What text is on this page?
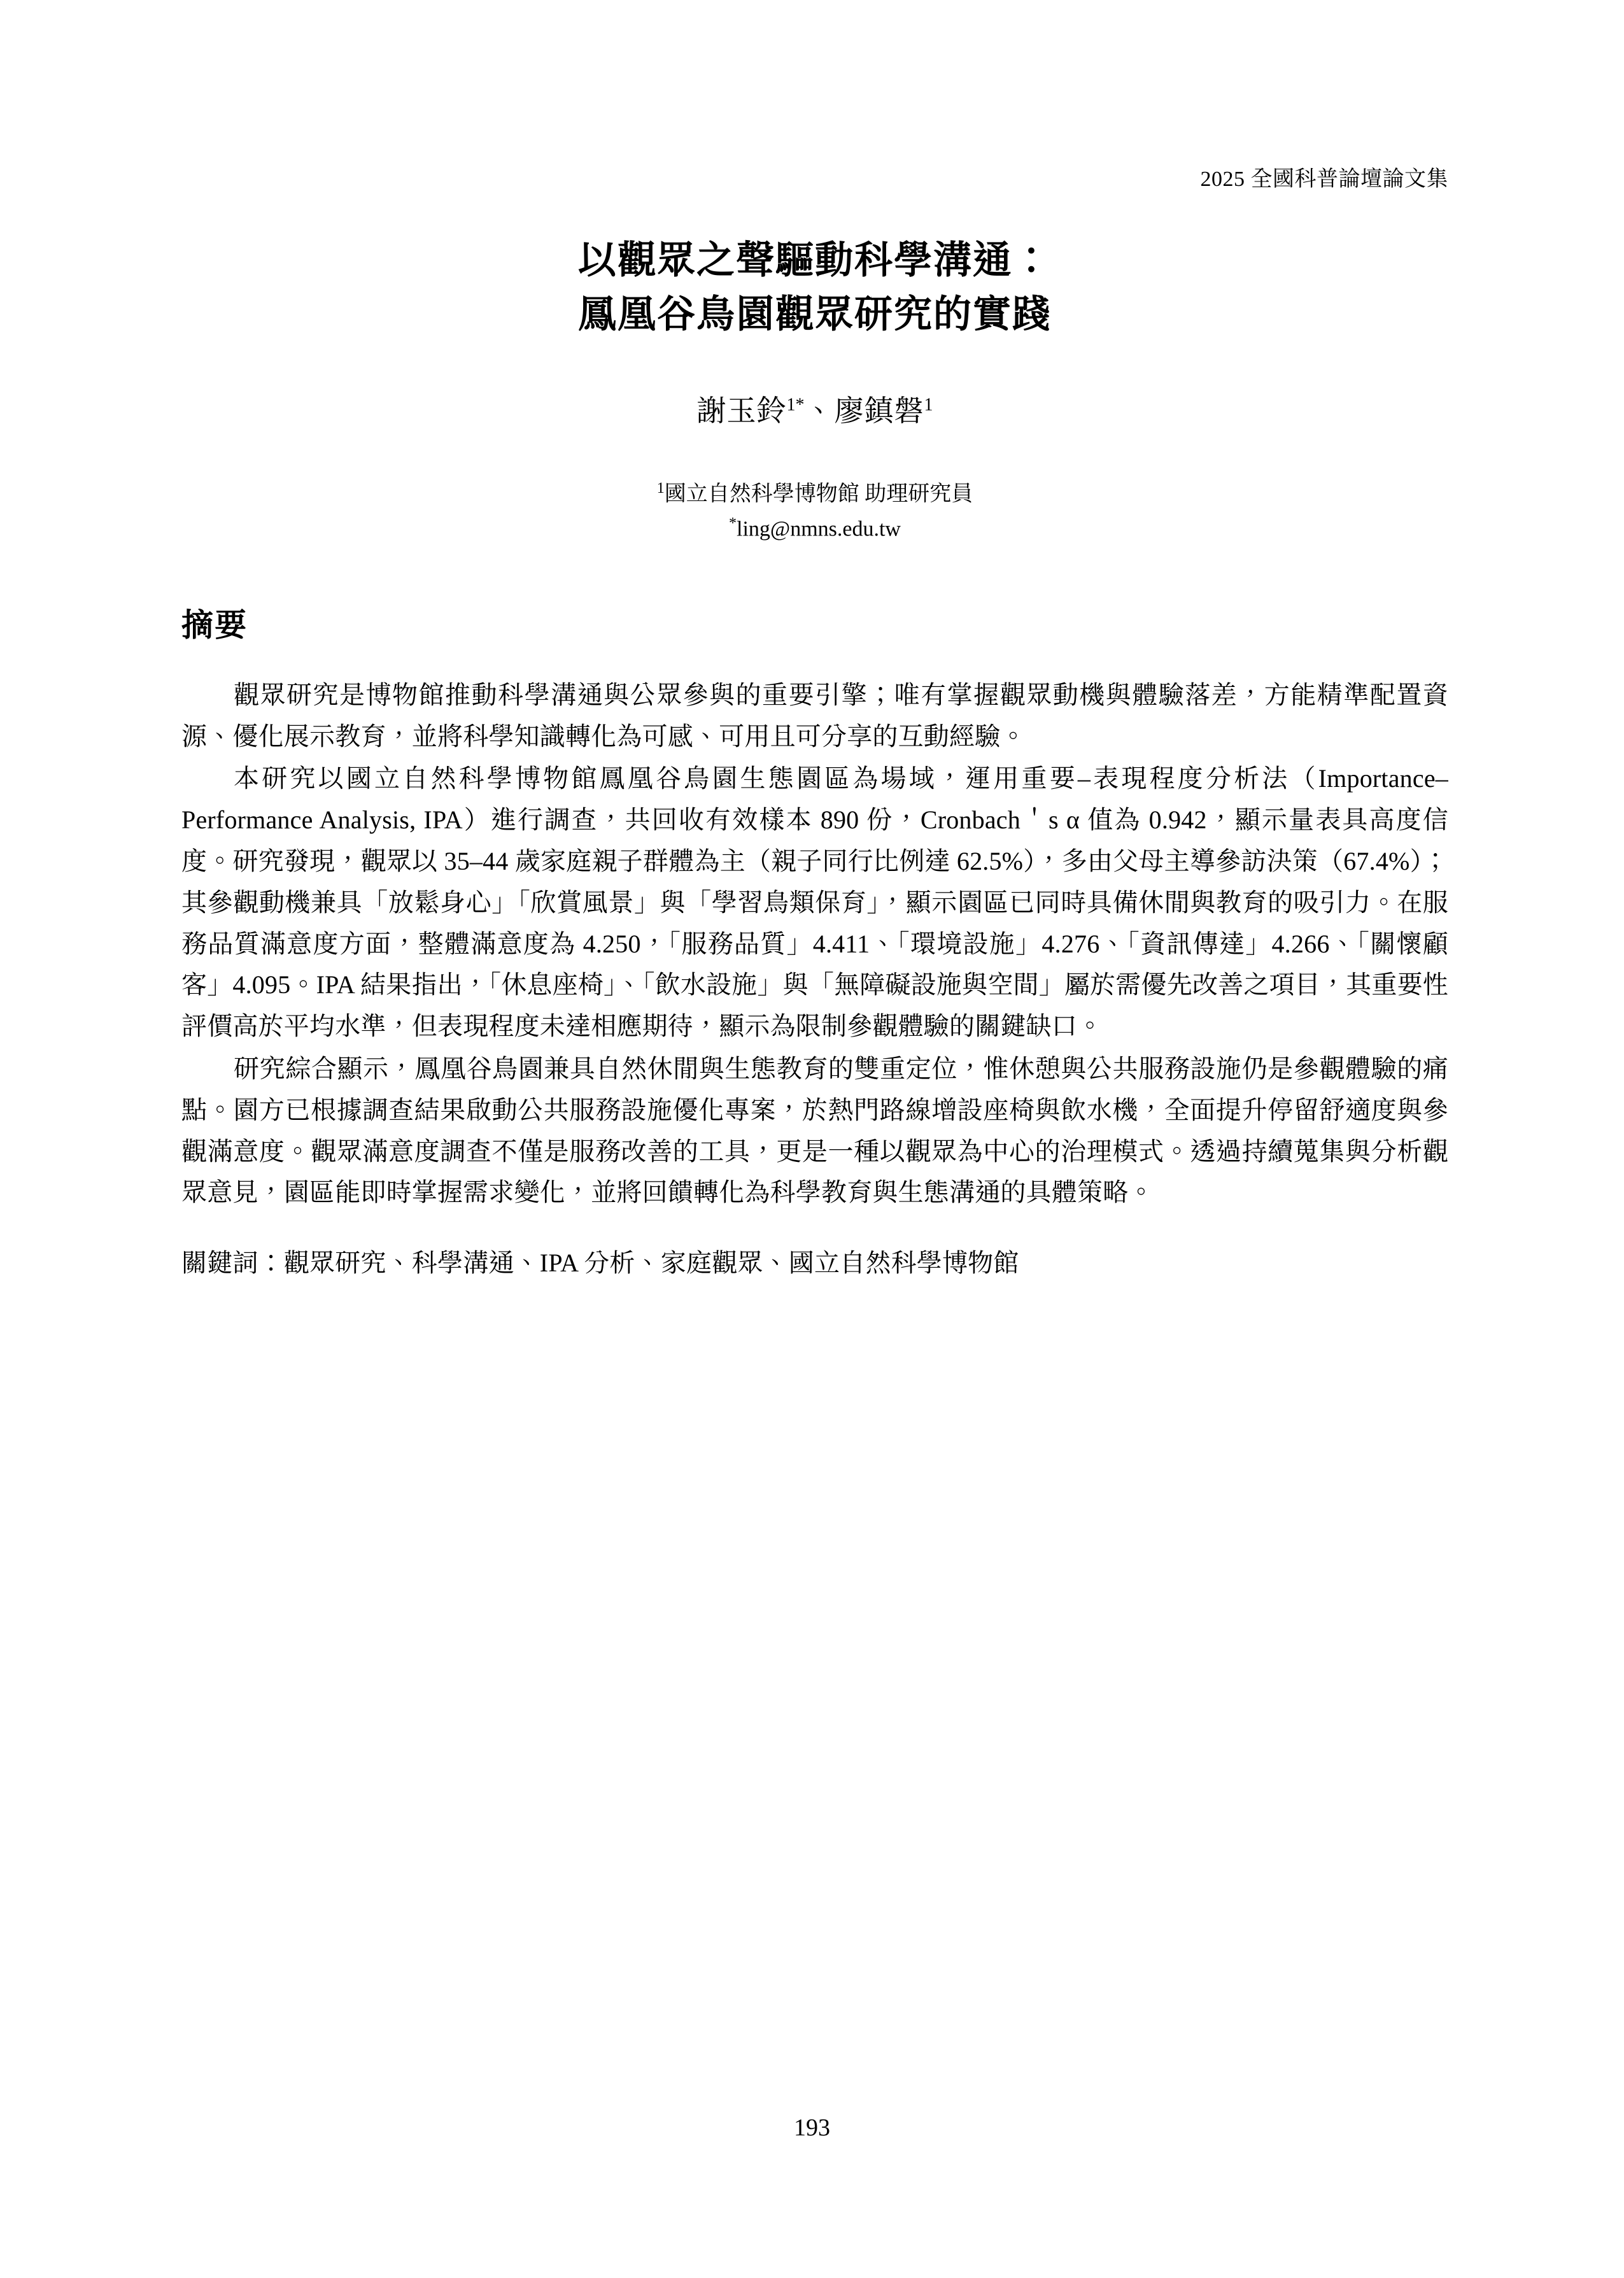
2025 全國科普論壇論文集
以觀眾之聲驅動科學溝通：
鳳凰谷鳥園觀眾研究的實踐
謝玉鈴$^{1*}$、廖鎮磐$^1$
$^1$國立自然科學博物館 助理研究員
*ling@nmns.edu.tw
摘要

觀眾研究是博物館推動科學溝通與公眾參與的重要引擎；唯有掌握觀眾動機與體驗落差，方能精準配置資源、優化展示教育，並將科學知識轉化為可感、可用且可分享的互動經驗。

本研究以國立自然科學博物館鳳凰谷鳥園生態園區為場域，運用重要–表現程度分析法（Importance–Performance Analysis, IPA）進行調查，共回收有效樣本 890 份，Cronbach＇s α 值為 0.942，顯示量表具高度信度。研究發現，觀眾以 35–44 歲家庭親子群體為主（親子同行比例達 62.5%），多由父母主導參訪決策（67.4%）；其參觀動機兼具「放鬆身心」「欣賞風景」與「學習鳥類保育」，顯示園區已同時具備休閒與教育的吸引力。在服務品質滿意度方面，整體滿意度為 4.250，「服務品質」4.411、「環境設施」4.276、「資訊傳達」4.266、「關懷顧客」4.095。IPA 結果指出，「休息座椅」、「飲水設施」與「無障礙設施與空間」屬於需優先改善之項目，其重要性評價高於平均水準，但表現程度未達相應期待，顯示為限制參觀體驗的關鍵缺口。

研究綜合顯示，鳳凰谷鳥園兼具自然休閒與生態教育的雙重定位，惟休憩與公共服務設施仍是參觀體驗的痛點。園方已根據調查結果啟動公共服務設施優化專案，於熱門路線增設座椅與飲水機，全面提升停留舒適度與參觀滿意度。觀眾滿意度調查不僅是服務改善的工具，更是一種以觀眾為中心的治理模式。透過持續蒐集與分析觀眾意見，園區能即時掌握需求變化，並將回饋轉化為科學教育與生態溝通的具體策略。

關鍵詞：觀眾研究、科學溝通、IPA 分析、家庭觀眾、國立自然科學博物館

193
